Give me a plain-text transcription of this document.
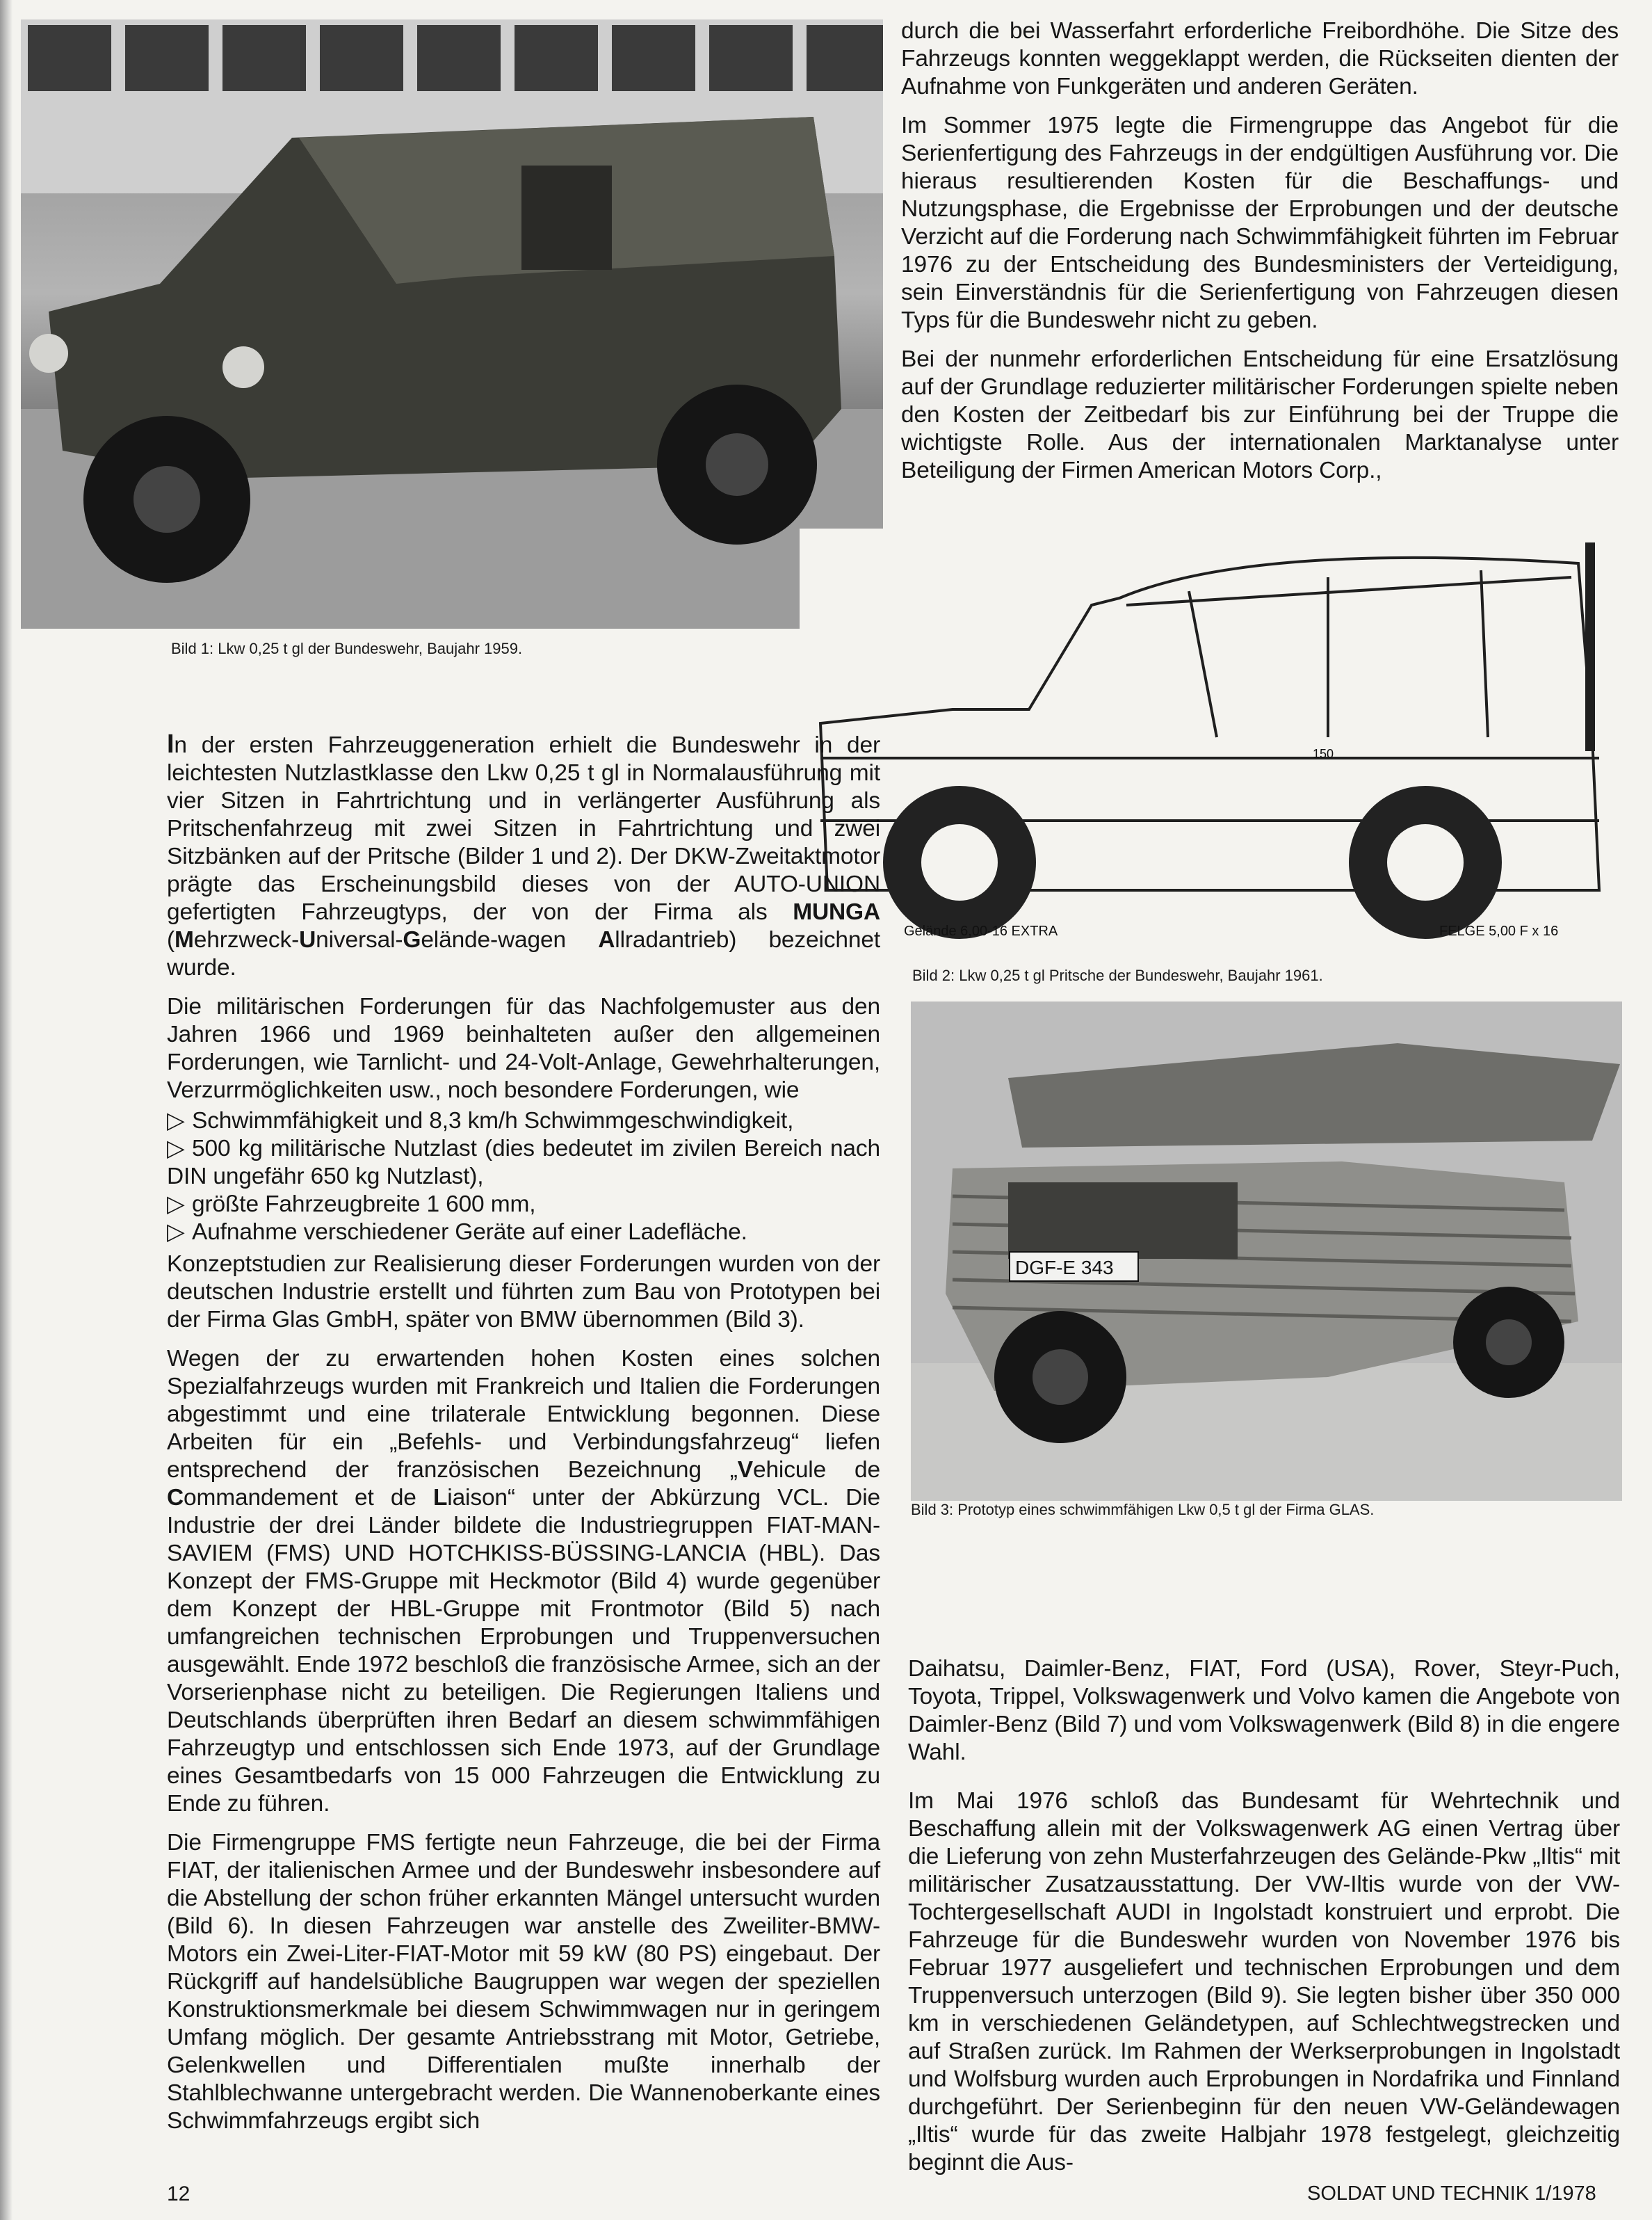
Bild 1: Lkw 0,25 t gl der Bundeswehr, Baujahr 1959.

durch die bei Wasserfahrt erforderliche Freibordhöhe. Die Sitze des Fahrzeugs konnten weggeklappt werden, die Rückseiten dienten der Aufnahme von Funkgeräten und anderen Geräten.

Im Sommer 1975 legte die Firmengruppe das Angebot für die Serienfertigung des Fahrzeugs in der endgültigen Ausführung vor. Die hieraus resultierenden Kosten für die Beschaffungs- und Nutzungsphase, die Ergebnisse der Erprobungen und der deutsche Verzicht auf die Forderung nach Schwimmfähigkeit führten im Februar 1976 zu der Entscheidung des Bundesministers der Verteidigung, sein Einverständnis für die Serienfertigung von Fahrzeugen diesen Typs für die Bundeswehr nicht zu geben.

Bei der nunmehr erforderlichen Entscheidung für eine Ersatzlösung auf der Grundlage reduzierter militärischer Forderungen spielte neben den Kosten der Zeitbedarf bis zur Einführung bei der Truppe die wichtigste Rolle. Aus der internationalen Marktanalyse unter Beteiligung der Firmen American Motors Corp.,

Gelände 6,00-16 EXTRA	FELGE 5,00 F x 16
150
Bild 2: Lkw 0,25 t gl Pritsche der Bundeswehr, Baujahr 1961.
DGF-E 343
Bild 3: Prototyp eines schwimmfähigen Lkw 0,5 t gl der Firma GLAS.

In der ersten Fahrzeuggeneration erhielt die Bundeswehr in der leichtesten Nutzlastklasse den Lkw 0,25 t gl in Normalausführung mit vier Sitzen in Fahrtrichtung und in verlängerter Ausführung als Pritschenfahrzeug mit zwei Sitzen in Fahrtrichtung und zwei Sitzbänken auf der Pritsche (Bilder 1 und 2). Der DKW-Zweitaktmotor prägte das Erscheinungsbild dieses von der AUTO-UNION gefertigten Fahrzeugtyps, der von der Firma als MUNGA (Mehrzweck-Universal-Gelände-wagen Allradantrieb) bezeichnet wurde.

Die militärischen Forderungen für das Nachfolgemuster aus den Jahren 1966 und 1969 beinhalteten außer den allgemeinen Forderungen, wie Tarnlicht- und 24-Volt-Anlage, Gewehrhalterungen, Verzurrmöglichkeiten usw., noch besondere Forderungen, wie

▷ Schwimmfähigkeit und 8,3 km/h Schwimmgeschwindigkeit,
▷ 500 kg militärische Nutzlast (dies bedeutet im zivilen Bereich nach DIN ungefähr 650 kg Nutzlast),
▷ größte Fahrzeugbreite 1 600 mm,
▷ Aufnahme verschiedener Geräte auf einer Ladefläche.

Konzeptstudien zur Realisierung dieser Forderungen wurden von der deutschen Industrie erstellt und führten zum Bau von Prototypen bei der Firma Glas GmbH, später von BMW übernommen (Bild 3).

Wegen der zu erwartenden hohen Kosten eines solchen Spezialfahrzeugs wurden mit Frankreich und Italien die Forderungen abgestimmt und eine trilaterale Entwicklung begonnen. Diese Arbeiten für ein „Befehls- und Verbindungsfahrzeug“ liefen entsprechend der französischen Bezeichnung „Vehicule de Commandement et de Liaison“ unter der Abkürzung VCL. Die Industrie der drei Länder bildete die Industriegruppen FIAT-MAN-SAVIEM (FMS) UND HOTCHKISS-BÜSSING-LANCIA (HBL). Das Konzept der FMS-Gruppe mit Heckmotor (Bild 4) wurde gegenüber dem Konzept der HBL-Gruppe mit Frontmotor (Bild 5) nach umfangreichen technischen Erprobungen und Truppenversuchen ausgewählt. Ende 1972 beschloß die französische Armee, sich an der Vorserienphase nicht zu beteiligen. Die Regierungen Italiens und Deutschlands überprüften ihren Bedarf an diesem schwimmfähigen Fahrzeugtyp und entschlossen sich Ende 1973, auf der Grundlage eines Gesamtbedarfs von 15 000 Fahrzeugen die Entwicklung zu Ende zu führen.

Die Firmengruppe FMS fertigte neun Fahrzeuge, die bei der Firma FIAT, der italienischen Armee und der Bundeswehr insbesondere auf die Abstellung der schon früher erkannten Mängel untersucht wurden (Bild 6). In diesen Fahrzeugen war anstelle des Zweiliter-BMW-Motors ein Zwei-Liter-FIAT-Motor mit 59 kW (80 PS) eingebaut. Der Rückgriff auf handelsübliche Baugruppen war wegen der speziellen Konstruktionsmerkmale bei diesem Schwimmwagen nur in geringem Umfang möglich. Der gesamte Antriebsstrang mit Motor, Getriebe, Gelenkwellen und Differentialen mußte innerhalb der Stahlblechwanne untergebracht werden. Die Wannenoberkante eines Schwimmfahrzeugs ergibt sich

Daihatsu, Daimler-Benz, FIAT, Ford (USA), Rover, Steyr-Puch, Toyota, Trippel, Volkswagenwerk und Volvo kamen die Angebote von Daimler-Benz (Bild 7) und vom Volkswagenwerk (Bild 8) in die engere Wahl.

Im Mai 1976 schloß das Bundesamt für Wehrtechnik und Beschaffung allein mit der Volkswagenwerk AG einen Vertrag über die Lieferung von zehn Musterfahrzeugen des Gelände-Pkw „Iltis“ mit militärischer Zusatzausstattung. Der VW-Iltis wurde von der VW-Tochtergesellschaft AUDI in Ingolstadt konstruiert und erprobt. Die Fahrzeuge für die Bundeswehr wurden von November 1976 bis Februar 1977 ausgeliefert und technischen Erprobungen und dem Truppenversuch unterzogen (Bild 9). Sie legten bisher über 350 000 km in verschiedenen Geländetypen, auf Schlechtwegstrecken und auf Straßen zurück. Im Rahmen der Werkserprobungen in Ingolstadt und Wolfsburg wurden auch Erprobungen in Nordafrika und Finnland durchgeführt. Der Serienbeginn für den neuen VW-Geländewagen „Iltis“ wurde für das zweite Halbjahr 1978 festgelegt, gleichzeitig beginnt die Aus-

12	SOLDAT UND TECHNIK 1/1978
